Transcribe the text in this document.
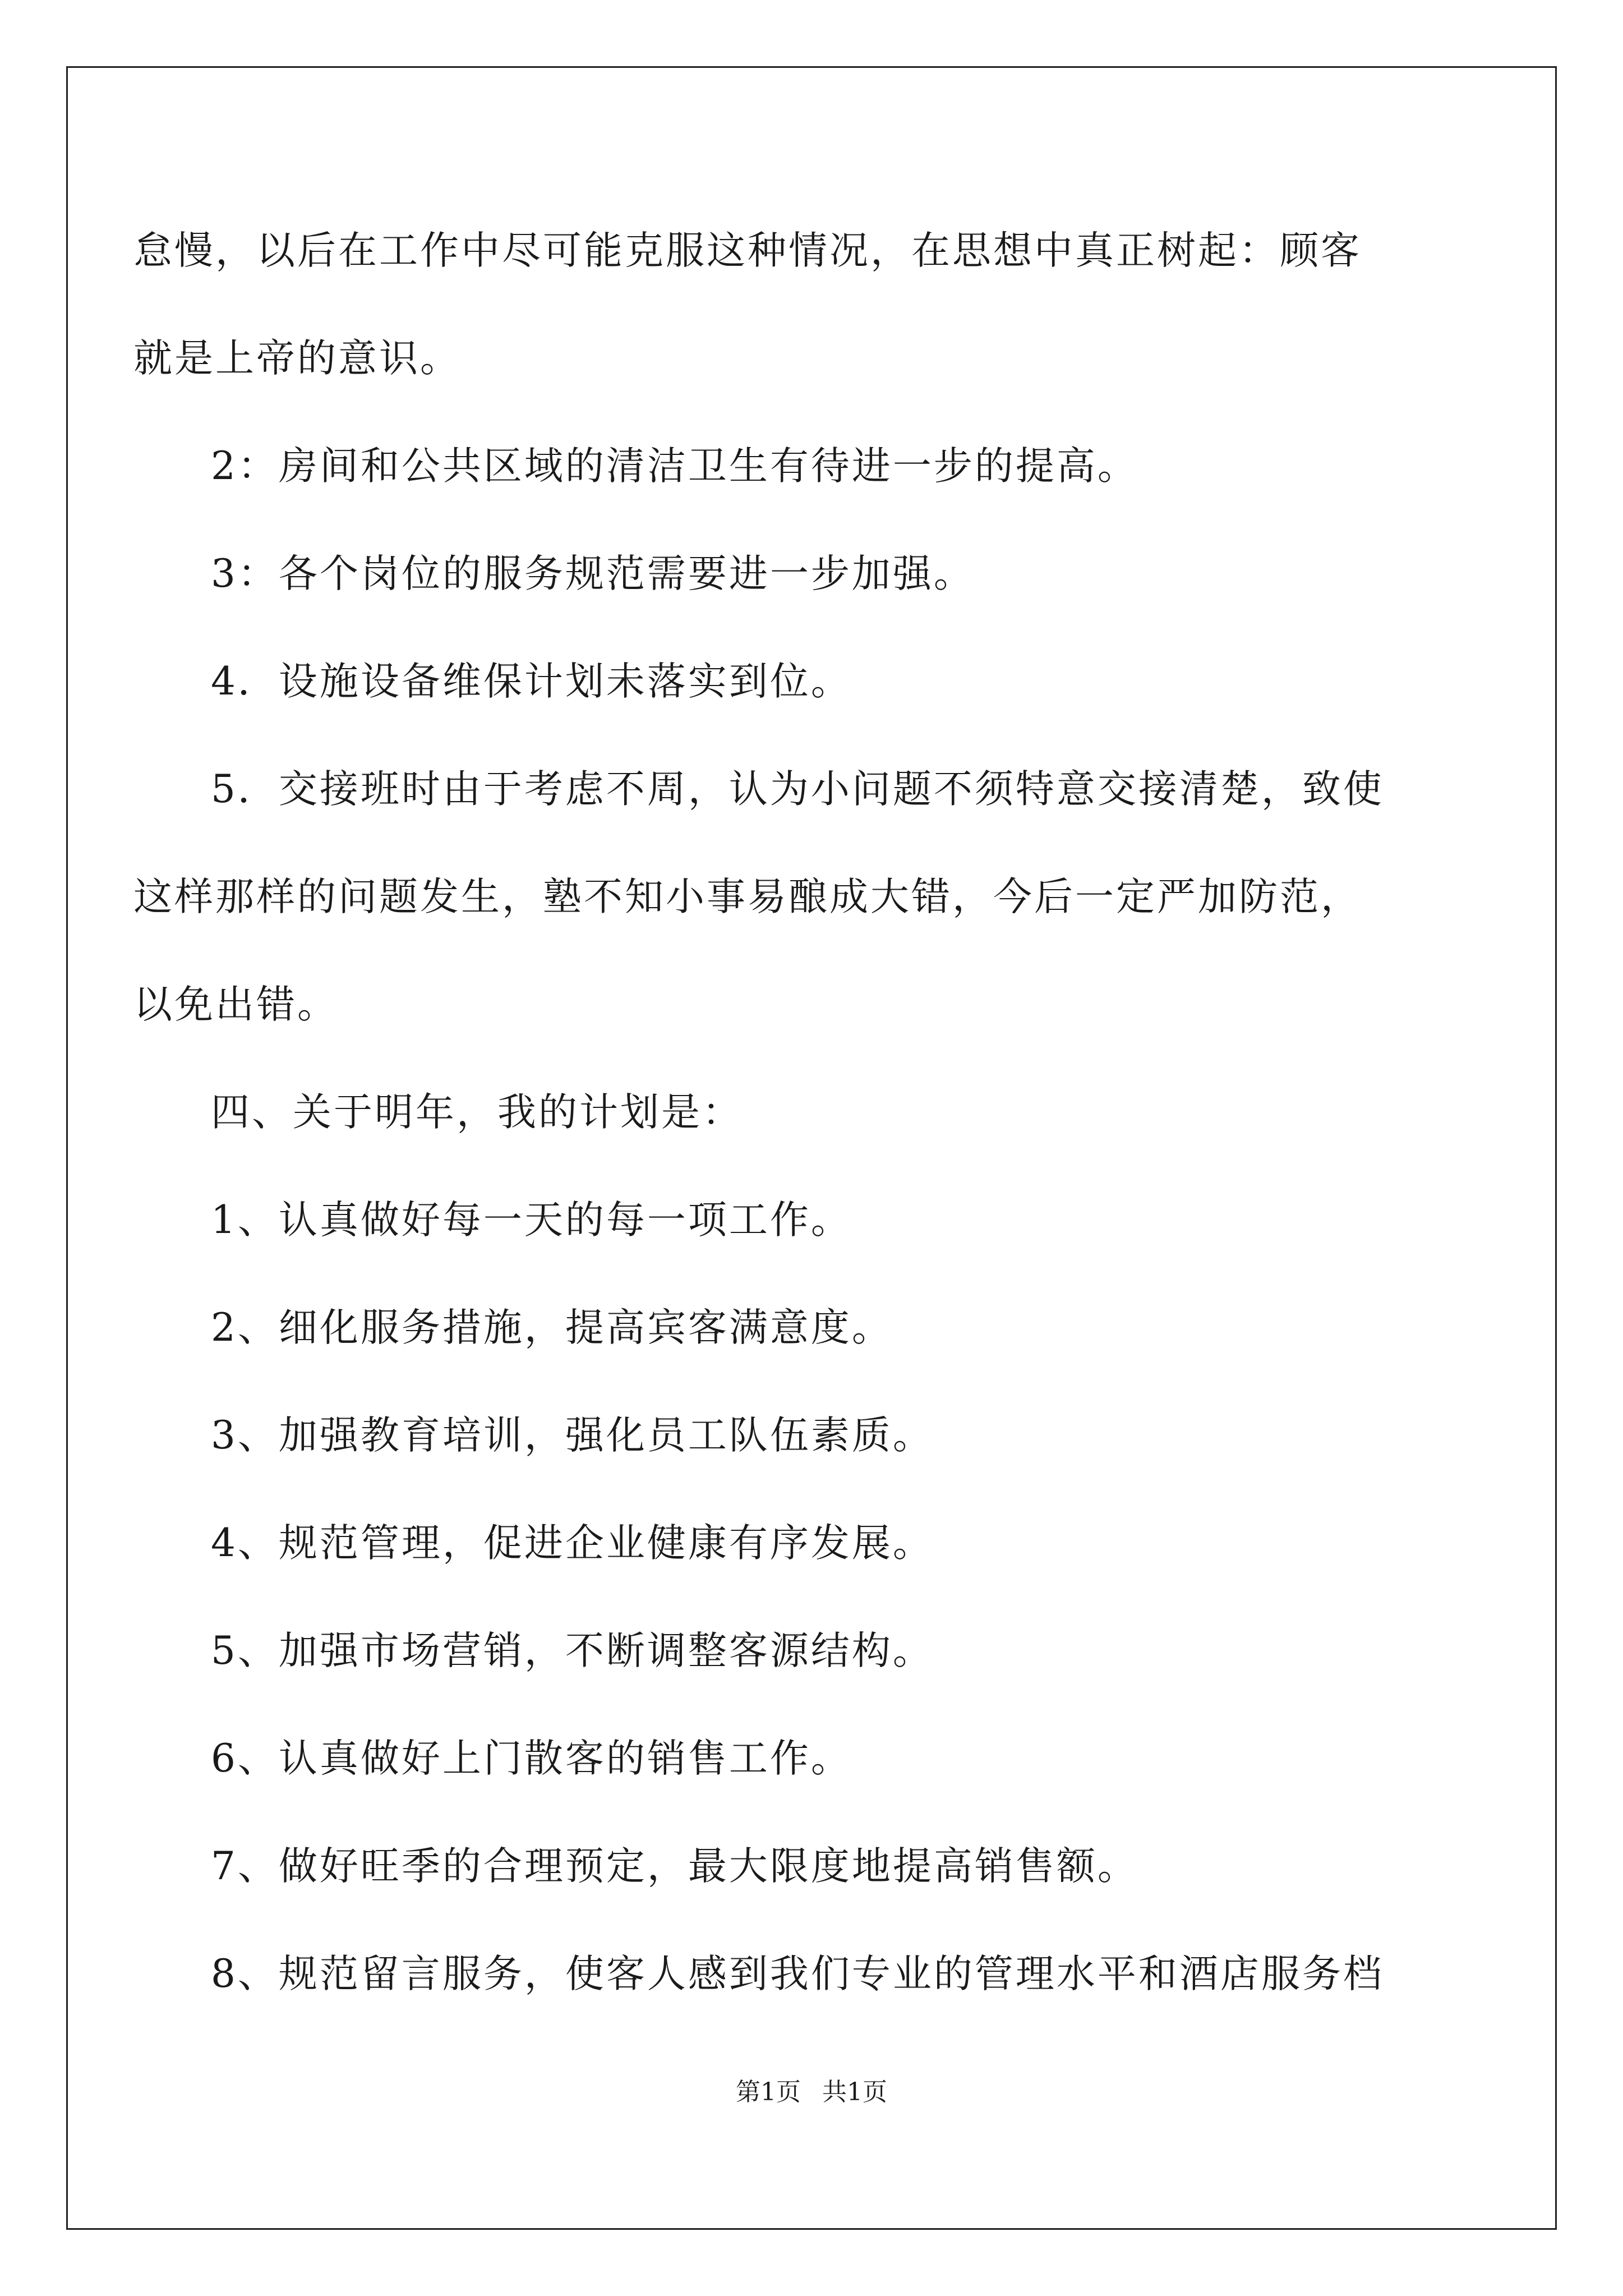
怠慢，以后在工作中尽可能克服这种情况，在思想中真正树起：顾客
就是上帝的意识。
2：房间和公共区域的清洁卫生有待进一步的提高。
3：各个岗位的服务规范需要进一步加强。
4．设施设备维保计划未落实到位。
5．交接班时由于考虑不周，认为小问题不须特意交接清楚，致使
这样那样的问题发生，塾不知小事易酿成大错，今后一定严加防范，
以免出错。
四、关于明年，我的计划是：
1、认真做好每一天的每一项工作。
2、细化服务措施，提高宾客满意度。
3、加强教育培训，强化员工队伍素质。
4、规范管理，促进企业健康有序发展。
5、加强市场营销，不断调整客源结构。
6、认真做好上门散客的销售工作。
7、做好旺季的合理预定，最大限度地提高销售额。
8、规范留言服务，使客人感到我们专业的管理水平和酒店服务档
第1页 共1页
